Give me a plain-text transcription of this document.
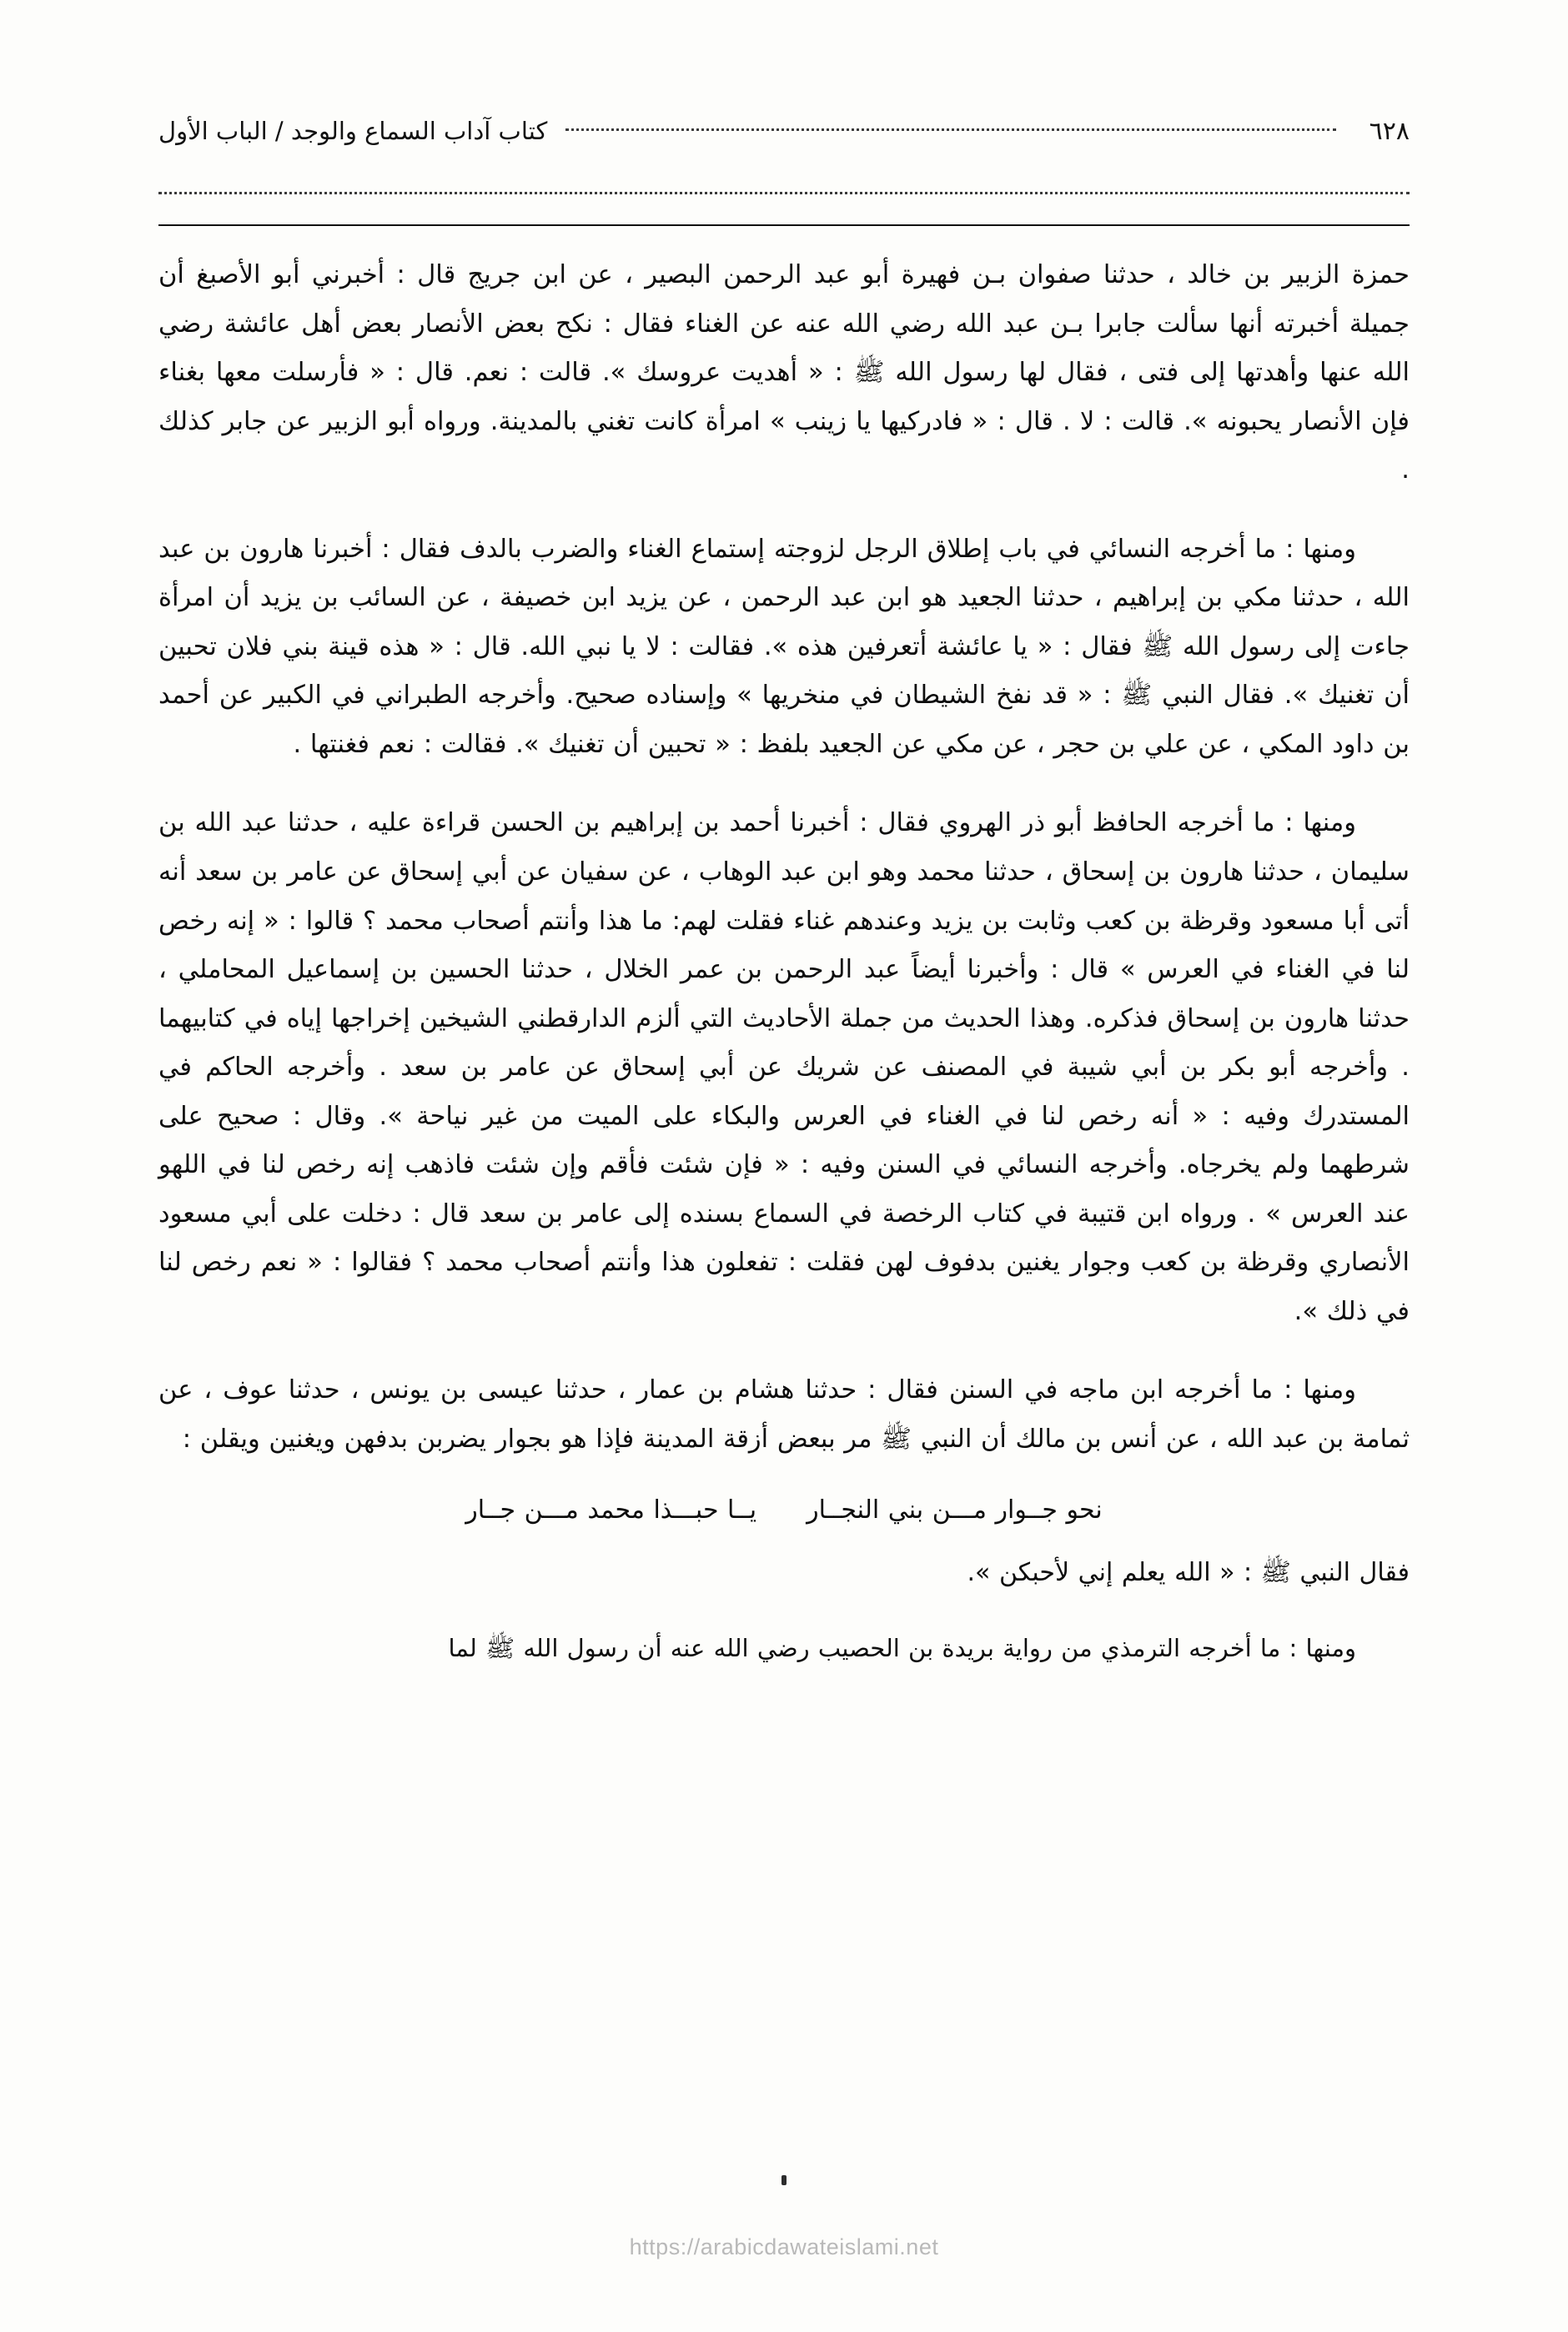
٦٢٨
كتاب آداب السماع والوجد / الباب الأول

حمزة الزبير بن خالد ، حدثنا صفوان بـن فهيرة أبو عبد الرحمن البصير ، عن ابن جريج قال : أخبرني أبو الأصبغ أن جميلة أخبرته أنها سألت جابرا بـن عبد الله رضي الله عنه عن الغناء فقال : نكح بعض الأنصار بعض أهل عائشة رضي الله عنها وأهدتها إلى فتى ، فقال لها رسول الله ﷺ : « أهديت عروسك ». قالت : نعم. قال : « فأرسلت معها بغناء فإن الأنصار يحبونه ». قالت : لا . قال : « فادركيها يا زينب » امرأة كانت تغني بالمدينة. ورواه أبو الزبير عن جابر كذلك .

ومنها : ما أخرجه النسائي في باب إطلاق الرجل لزوجته إستماع الغناء والضرب بالدف فقال : أخبرنا هارون بن عبد الله ، حدثنا مكي بن إبراهيم ، حدثنا الجعيد هو ابن عبد الرحمن ، عن يزيد ابن خصيفة ، عن السائب بن يزيد أن امرأة جاءت إلى رسول الله ﷺ فقال : « يا عائشة أتعرفين هذه ». فقالت : لا يا نبي الله. قال : « هذه قينة بني فلان تحبين أن تغنيك ». فقال النبي ﷺ : « قد نفخ الشيطان في منخريها » وإسناده صحيح. وأخرجه الطبراني في الكبير عن أحمد بن داود المكي ، عن علي بن حجر ، عن مكي عن الجعيد بلفظ : « تحبين أن تغنيك ». فقالت : نعم فغنتها .

ومنها : ما أخرجه الحافظ أبو ذر الهروي فقال : أخبرنا أحمد بن إبراهيم بن الحسن قراءة عليه ، حدثنا عبد الله بن سليمان ، حدثنا هارون بن إسحاق ، حدثنا محمد وهو ابن عبد الوهاب ، عن سفيان عن أبي إسحاق عن عامر بن سعد أنه أتى أبا مسعود وقرظة بن كعب وثابت بن يزيد وعندهم غناء فقلت لهم: ما هذا وأنتم أصحاب محمد ؟ قالوا : « إنه رخص لنا في الغناء في العرس » قال : وأخبرنا أيضاً عبد الرحمن بن عمر الخلال ، حدثنا الحسين بن إسماعيل المحاملي ، حدثنا هارون بن إسحاق فذكره. وهذا الحديث من جملة الأحاديث التي ألزم الدارقطني الشيخين إخراجها إياه في كتابيهما . وأخرجه أبو بكر بن أبي شيبة في المصنف عن شريك عن أبي إسحاق عن عامر بن سعد . وأخرجه الحاكم في المستدرك وفيه : « أنه رخص لنا في الغناء في العرس والبكاء على الميت من غير نياحة ». وقال : صحيح على شرطهما ولم يخرجاه. وأخرجه النسائي في السنن وفيه : « فإن شئت فأقم وإن شئت فاذهب إنه رخص لنا في اللهو عند العرس » . ورواه ابن قتيبة في كتاب الرخصة في السماع بسنده إلى عامر بن سعد قال : دخلت على أبي مسعود الأنصاري وقرظة بن كعب وجوار يغنين بدفوف لهن فقلت : تفعلون هذا وأنتم أصحاب محمد ؟ فقالوا : « نعم رخص لنا في ذلك ».

ومنها : ما أخرجه ابن ماجه في السنن فقال : حدثنا هشام بن عمار ، حدثنا عيسى بن يونس ، حدثنا عوف ، عن ثمامة بن عبد الله ، عن أنس بن مالك أن النبي ﷺ مر ببعض أزقة المدينة فإذا هو بجوار يضربن بدفهن ويغنين ويقلن :

نحو جــوار مـــن بني النجــار
يــا حبـــذا محمد مـــن جــار
فقال النبي ﷺ : « الله يعلم إني لأحبكن ».
ومنها : ما أخرجه الترمذي من رواية بريدة بن الحصيب رضي الله عنه أن رسول الله ﷺ لما
https://arabicdawateislami.net
